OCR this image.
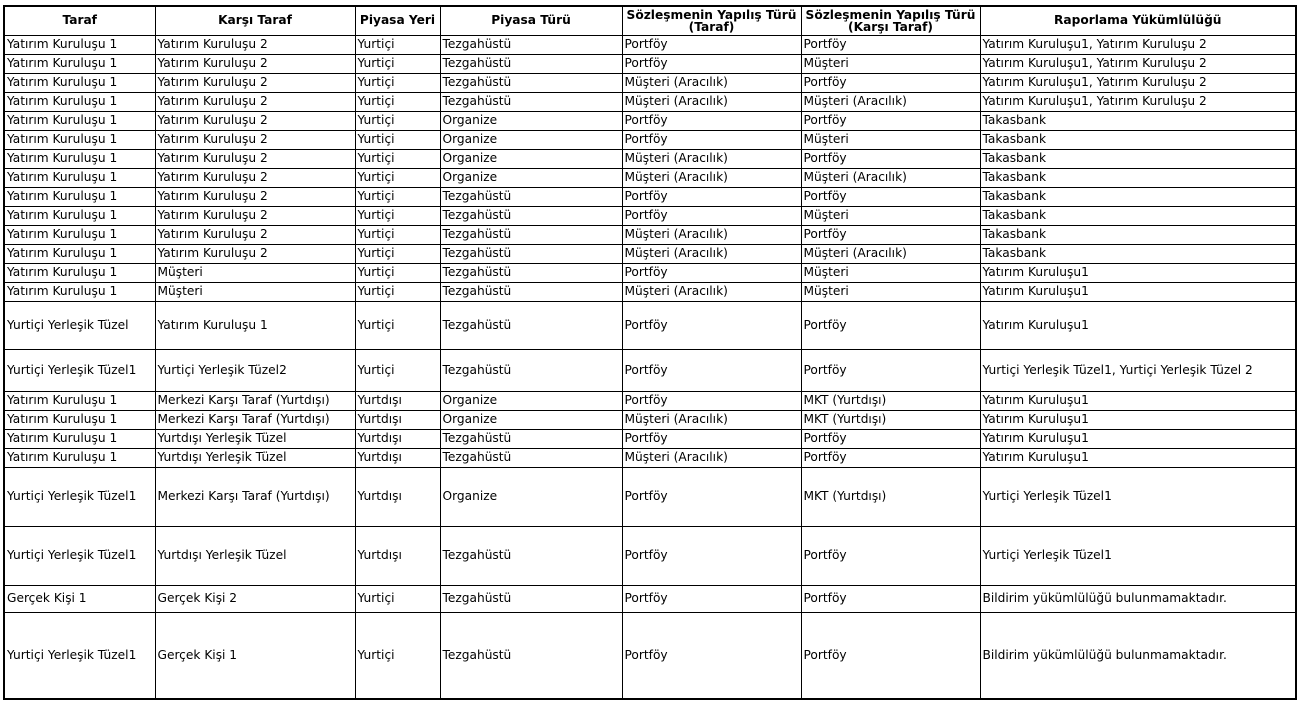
Taraf	Karşı Taraf	Piyasa Yeri	Piyasa Türü	Sözleşmenin Yapılış Türü (Taraf)	Sözleşmenin Yapılış Türü (Karşı Taraf)	Raporlama Yükümlülüğü
Yatırım Kuruluşu 1	Yatırım Kuruluşu 2	Yurtiçi	Tezgahüstü	Portföy	Portföy	Yatırım Kuruluşu1, Yatırım Kuruluşu 2
Yatırım Kuruluşu 1	Yatırım Kuruluşu 2	Yurtiçi	Tezgahüstü	Portföy	Müşteri	Yatırım Kuruluşu1, Yatırım Kuruluşu 2
Yatırım Kuruluşu 1	Yatırım Kuruluşu 2	Yurtiçi	Tezgahüstü	Müşteri (Aracılık)	Portföy	Yatırım Kuruluşu1, Yatırım Kuruluşu 2
Yatırım Kuruluşu 1	Yatırım Kuruluşu 2	Yurtiçi	Tezgahüstü	Müşteri (Aracılık)	Müşteri (Aracılık)	Yatırım Kuruluşu1, Yatırım Kuruluşu 2
Yatırım Kuruluşu 1	Yatırım Kuruluşu 2	Yurtiçi	Organize	Portföy	Portföy	Takasbank
Yatırım Kuruluşu 1	Yatırım Kuruluşu 2	Yurtiçi	Organize	Portföy	Müşteri	Takasbank
Yatırım Kuruluşu 1	Yatırım Kuruluşu 2	Yurtiçi	Organize	Müşteri (Aracılık)	Portföy	Takasbank
Yatırım Kuruluşu 1	Yatırım Kuruluşu 2	Yurtiçi	Organize	Müşteri (Aracılık)	Müşteri (Aracılık)	Takasbank
Yatırım Kuruluşu 1	Yatırım Kuruluşu 2	Yurtiçi	Tezgahüstü	Portföy	Portföy	Takasbank
Yatırım Kuruluşu 1	Yatırım Kuruluşu 2	Yurtiçi	Tezgahüstü	Portföy	Müşteri	Takasbank
Yatırım Kuruluşu 1	Yatırım Kuruluşu 2	Yurtiçi	Tezgahüstü	Müşteri (Aracılık)	Portföy	Takasbank
Yatırım Kuruluşu 1	Yatırım Kuruluşu 2	Yurtiçi	Tezgahüstü	Müşteri (Aracılık)	Müşteri (Aracılık)	Takasbank
Yatırım Kuruluşu 1	Müşteri	Yurtiçi	Tezgahüstü	Portföy	Müşteri	Yatırım Kuruluşu1
Yatırım Kuruluşu 1	Müşteri	Yurtiçi	Tezgahüstü	Müşteri (Aracılık)	Müşteri	Yatırım Kuruluşu1
Yurtiçi Yerleşik Tüzel	Yatırım Kuruluşu 1	Yurtiçi	Tezgahüstü	Portföy	Portföy	Yatırım Kuruluşu1
Yurtiçi Yerleşik Tüzel1	Yurtiçi Yerleşik Tüzel2	Yurtiçi	Tezgahüstü	Portföy	Portföy	Yurtiçi Yerleşik Tüzel1, Yurtiçi Yerleşik Tüzel 2
Yatırım Kuruluşu 1	Merkezi Karşı Taraf (Yurtdışı)	Yurtdışı	Organize	Portföy	MKT (Yurtdışı)	Yatırım Kuruluşu1
Yatırım Kuruluşu 1	Merkezi Karşı Taraf (Yurtdışı)	Yurtdışı	Organize	Müşteri (Aracılık)	MKT (Yurtdışı)	Yatırım Kuruluşu1
Yatırım Kuruluşu 1	Yurtdışı Yerleşik Tüzel	Yurtdışı	Tezgahüstü	Portföy	Portföy	Yatırım Kuruluşu1
Yatırım Kuruluşu 1	Yurtdışı Yerleşik Tüzel	Yurtdışı	Tezgahüstü	Müşteri (Aracılık)	Portföy	Yatırım Kuruluşu1
Yurtiçi Yerleşik Tüzel1	Merkezi Karşı Taraf (Yurtdışı)	Yurtdışı	Organize	Portföy	MKT (Yurtdışı)	Yurtiçi Yerleşik Tüzel1
Yurtiçi Yerleşik Tüzel1	Yurtdışı Yerleşik Tüzel	Yurtdışı	Tezgahüstü	Portföy	Portföy	Yurtiçi Yerleşik Tüzel1
Gerçek Kişi 1	Gerçek Kişi 2	Yurtiçi	Tezgahüstü	Portföy	Portföy	Bildirim yükümlülüğü bulunmamaktadır.
Yurtiçi Yerleşik Tüzel1	Gerçek Kişi 1	Yurtiçi	Tezgahüstü	Portföy	Portföy	Bildirim yükümlülüğü bulunmamaktadır.
